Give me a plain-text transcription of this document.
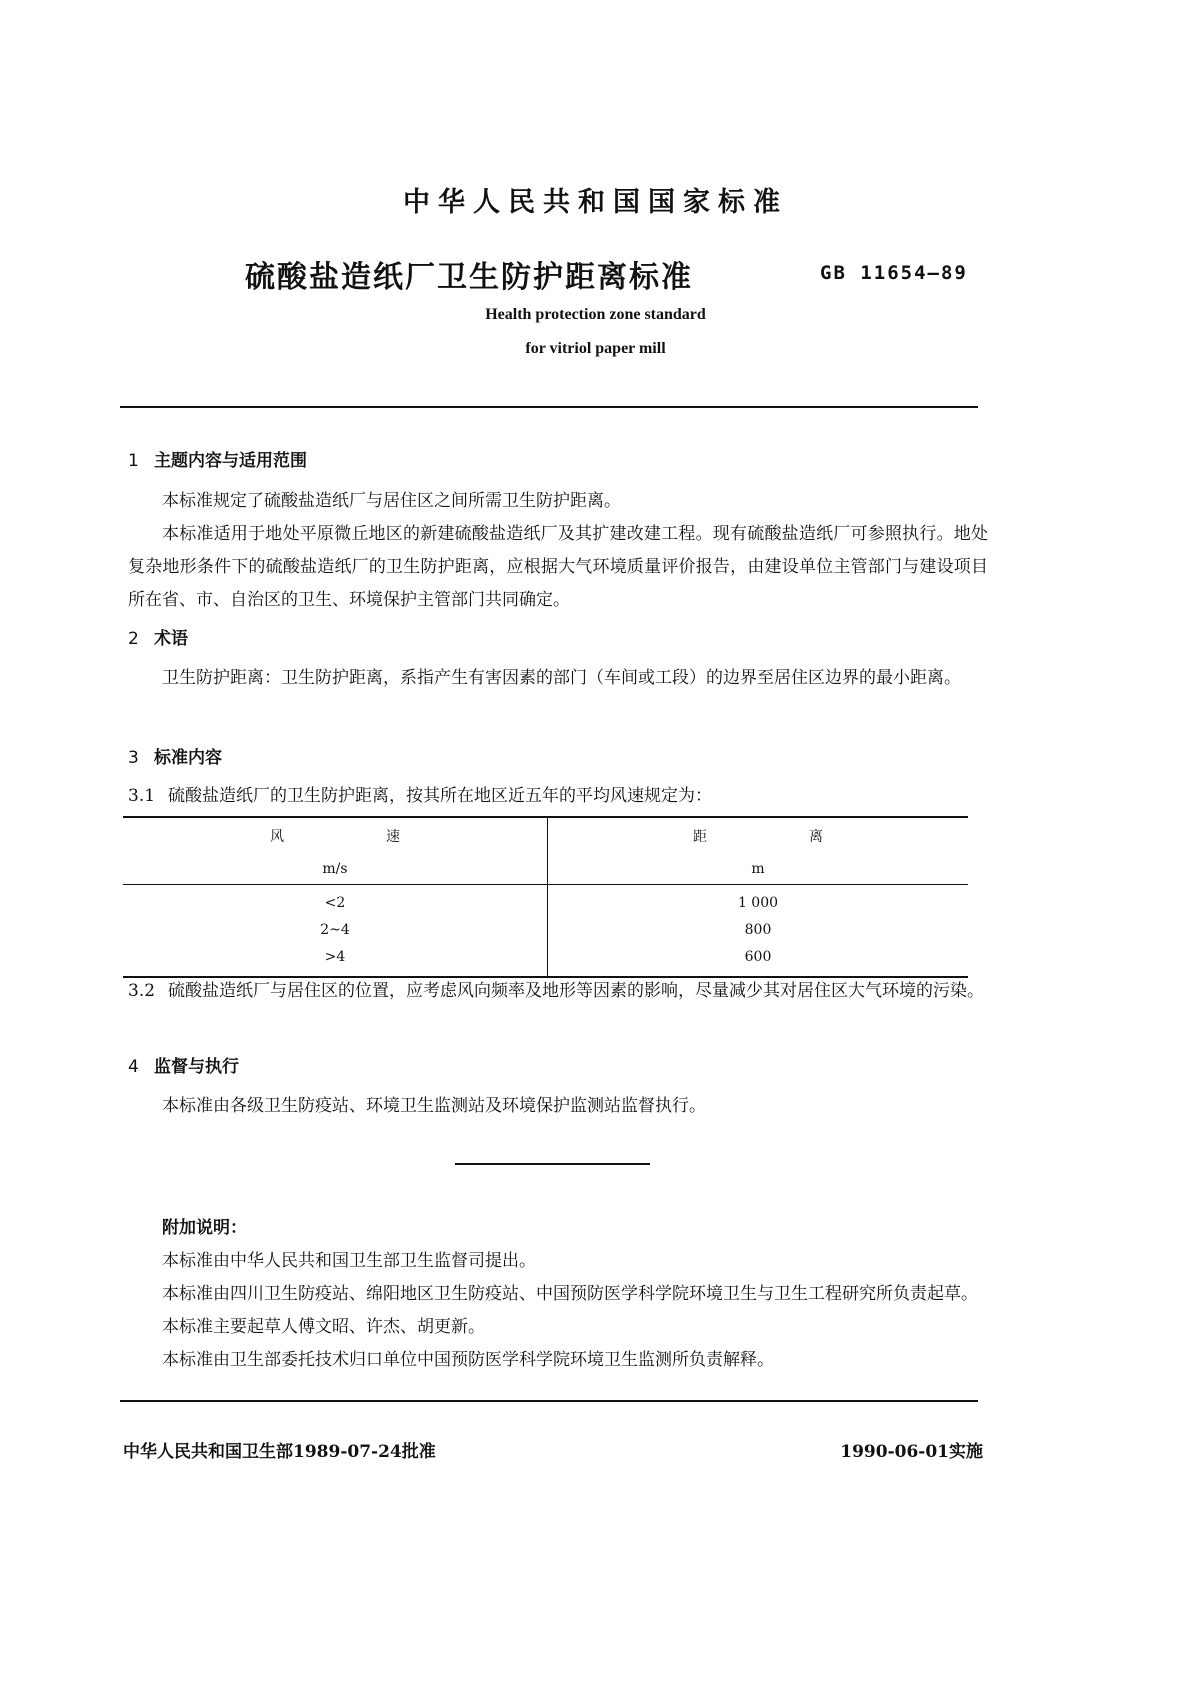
中华人民共和国国家标准
硫酸盐造纸厂卫生防护距离标准	GB 11654—89
Health protection zone standard
for vitriol paper mill
1 主题内容与适用范围

本标准规定了硫酸盐造纸厂与居住区之间所需卫生防护距离。

本标准适用于地处平原微丘地区的新建硫酸盐造纸厂及其扩建改建工程。现有硫酸盐造纸厂可参照执行。地处复杂地形条件下的硫酸盐造纸厂的卫生防护距离，应根据大气环境质量评价报告，由建设单位主管部门与建设项目所在省、市、自治区的卫生、环境保护主管部门共同确定。

2 术语

卫生防护距离：卫生防护距离，系指产生有害因素的部门（车间或工段）的边界至居住区边界的最小距离。

3 标准内容

3.1 硫酸盐造纸厂的卫生防护距离，按其所在地区近五年的平均风速规定为：

风 速	距 离

m/s	m
<2	1 000
2~4	800
>4	600

3.2 硫酸盐造纸厂与居住区的位置，应考虑风向频率及地形等因素的影响，尽量减少其对居住区大气环境的污染。

4 监督与执行

本标准由各级卫生防疫站、环境卫生监测站及环境保护监测站监督执行。

附加说明：

本标准由中华人民共和国卫生部卫生监督司提出。

本标准由四川卫生防疫站、绵阳地区卫生防疫站、中国预防医学科学院环境卫生与卫生工程研究所负责起草。

本标准主要起草人傅文昭、许杰、胡更新。

本标准由卫生部委托技术归口单位中国预防医学科学院环境卫生监测所负责解释。

中华人民共和国卫生部1989-07-24批准	1990-06-01实施
